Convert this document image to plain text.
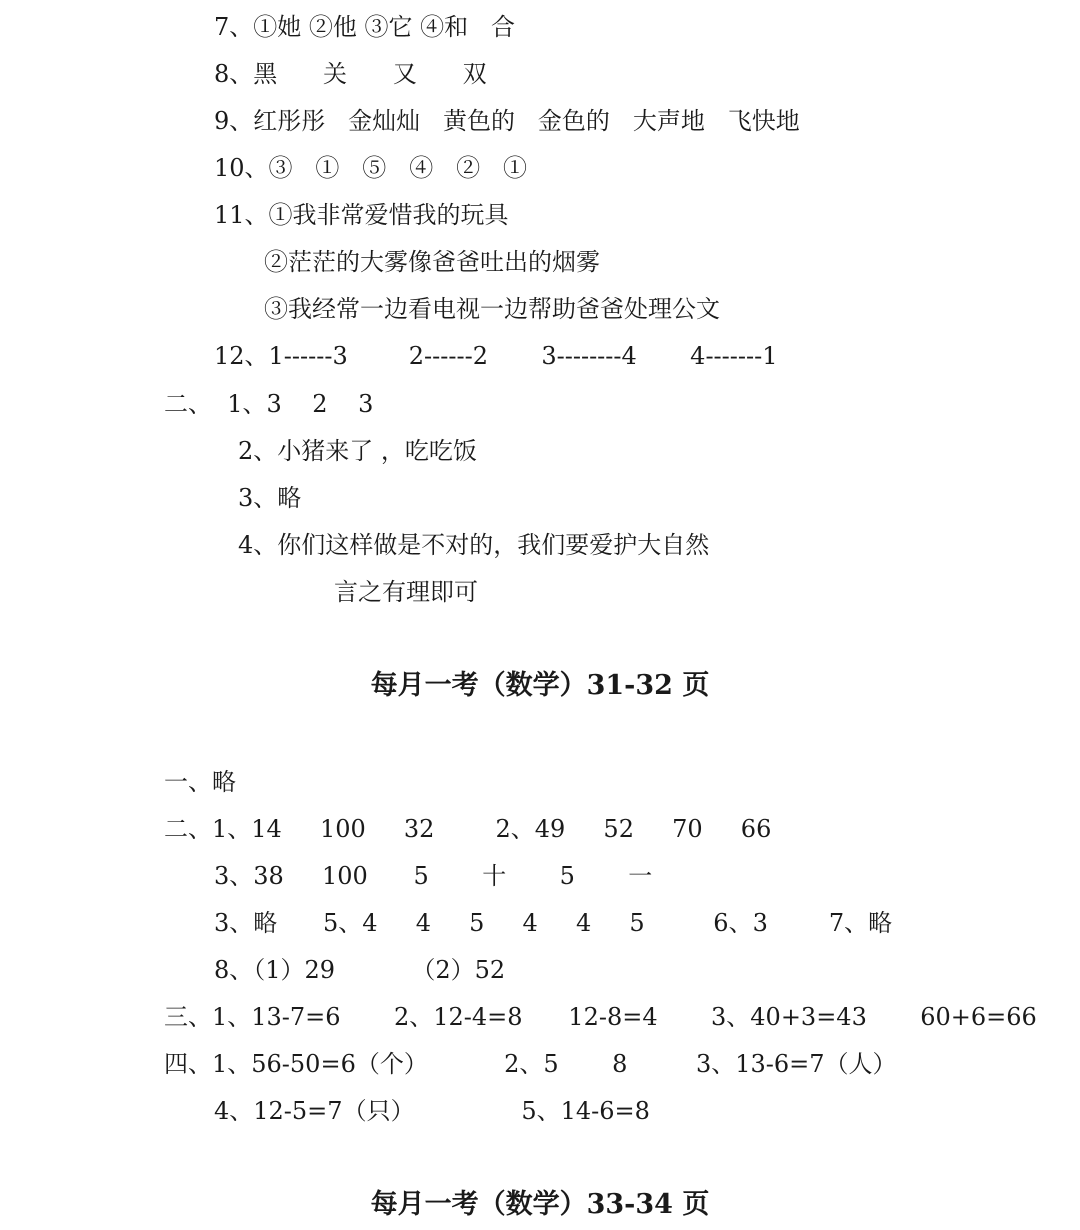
7、①她 ②他 ③它 ④和   合
8、黑      关      又      双
9、红彤彤   金灿灿   黄色的   金色的   大声地   飞快地
10、③   ①   ⑤   ④   ②   ①
11、①我非常爱惜我的玩具
②茫茫的大雾像爸爸吐出的烟雾
③我经常一边看电视一边帮助爸爸处理公文
12、1------3        2------2       3--------4       4-------1
二、  1、3    2    3
2、小猪来了 ，吃吃饭
3、略
4、你们这样做是不对的，我们要爱护大自然
言之有理即可
每月一考（数学）31-32 页
一、略
二、1、14     100     32        2、49     52     70     66
3、38     100      5       十       5       一
3、略      5、4     4     5     4     4     5         6、3        7、略
8、（1）29          （2）52
三、1、13-7=6       2、12-4=8      12-8=4       3、40+3=43       60+6=66
四、1、56-50=6（个）          2、5       8         3、13-6=7（人）
4、12-5=7（只）              5、14-6=8
每月一考（数学）33-34 页
